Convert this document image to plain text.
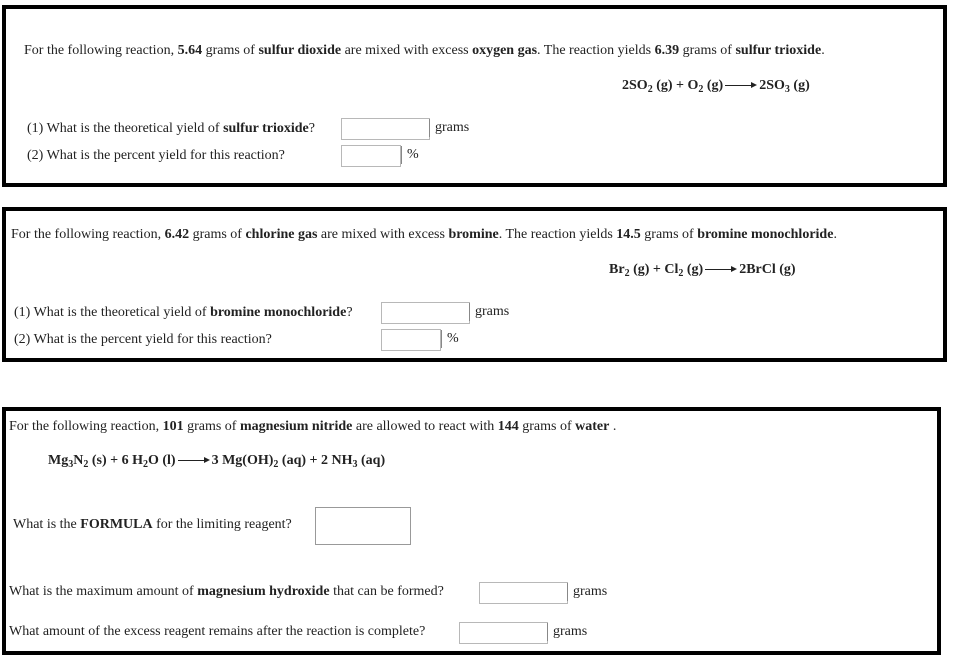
For the following reaction, 5.64 grams of sulfur dioxide are mixed with excess oxygen gas. The reaction yields 6.39 grams of sulfur trioxide.
$2SO_2$ $(g) + O_2$ (g)	$2SO_3$ (g)
(1) What is the theoretical yield of sulfur trioxide?	grams
(2) What is the percent yield for this reaction?	%
For the following reaction, 6.42 grams of chlorine gas are mixed with excess bromine. The reaction yields 14.5 grams of bromine monochloride.
$Br_2$ $(g) + Cl_2$ (g)	2BrCl (g)
(1) What is the theoretical yield of bromine monochloride?	grams
(2) What is the percent yield for this reaction?	%
For the following reaction, 101 grams of magnesium nitride are allowed to react with 144 grams of water .
$Mg_3N_2$ (s) + 6 $H_2O$ (l)	3 $Mg(OH)_2$ (aq) + 2 $NH_3$ (aq)
What is the FORMULA for the limiting reagent?
What is the maximum amount of magnesium hydroxide that can be formed?	grams
What amount of the excess reagent remains after the reaction is complete?	grams
